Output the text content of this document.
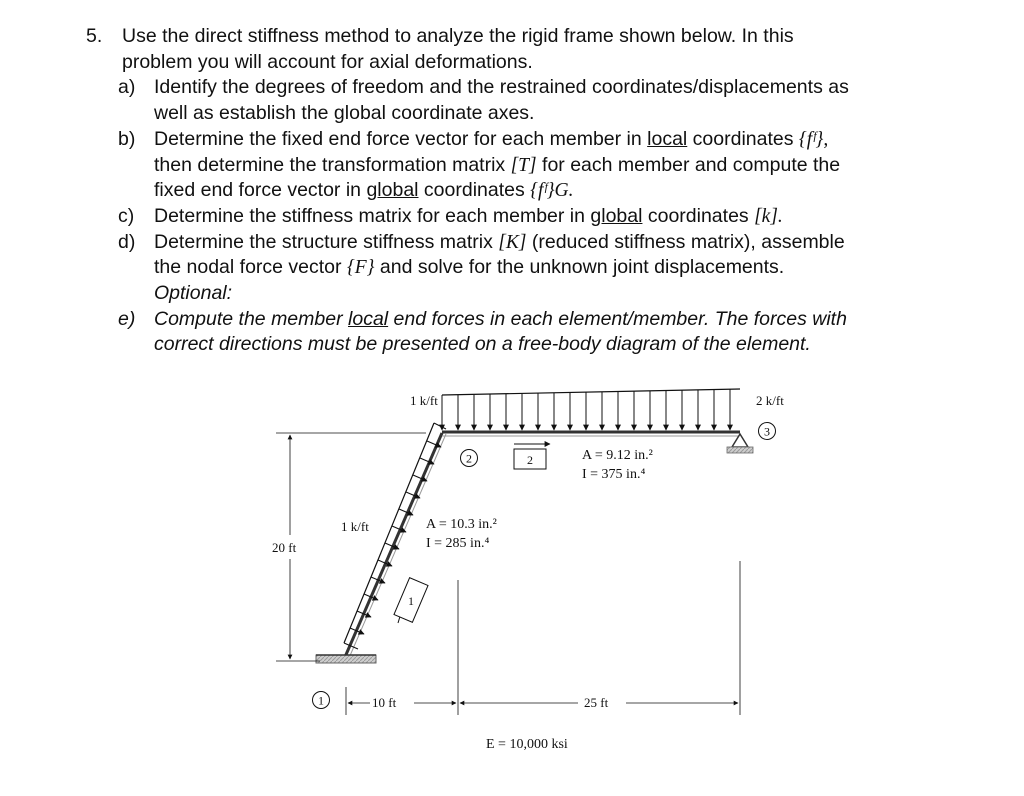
5.	Use the direct stiffness method to analyze the rigid frame shown below. In this
problem you will account for axial deformations.
a) Identify the degrees of freedom and the restrained coordinates/displacements as
well as establish the global coordinate axes.
b) Determine the fixed end force vector for each member in local coordinates {fᶠ},
then determine the transformation matrix [T] for each member and compute the
fixed end force vector in global coordinates {fᶠ}G.
c) Determine the stiffness matrix for each member in global coordinates [k].
d) Determine the structure stiffness matrix [K] (reduced stiffness matrix), assemble
the nodal force vector {F} and solve for the unknown joint displacements.
Optional:
e) Compute the member local end forces in each element/member. The forces with
correct directions must be presented on a free-body diagram of the element.
1 k/ft	2 k/ft
1 k/ft
20 ft
10 ft	25 ft
1
2
3
2
1
A = 10.3 in.²
I = 285 in.⁴
A = 9.12 in.²
I = 375 in.⁴
E = 10,000 ksi
